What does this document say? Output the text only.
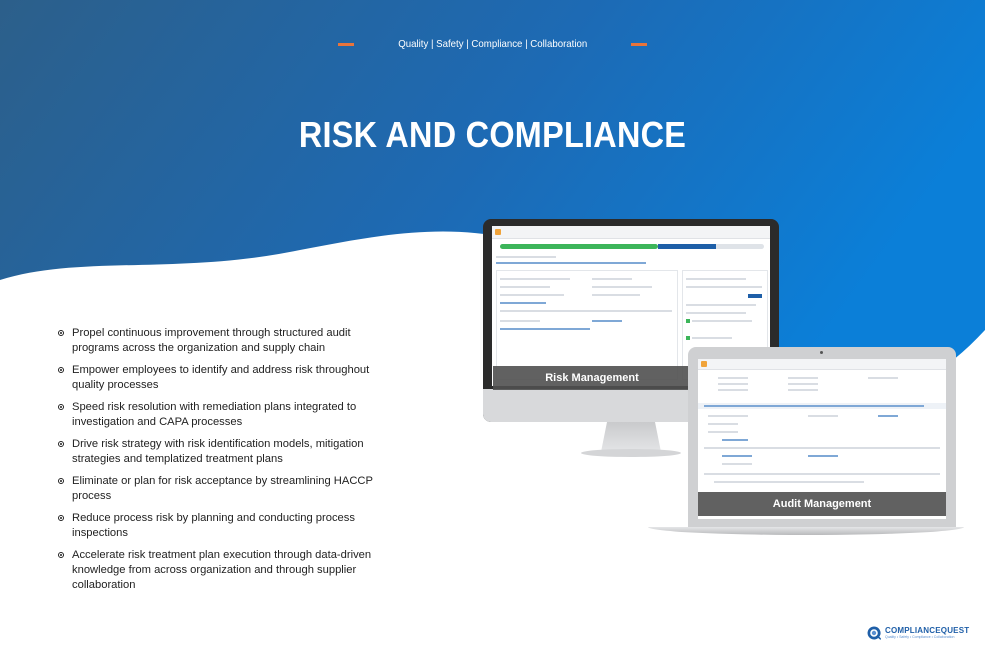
Quality | Safety | Compliance | Collaboration
RISK AND COMPLIANCE
Propel continuous improvement through structured audit programs across the organization and supply chain
Empower employees to identify and address risk throughout quality processes
Speed risk resolution with remediation plans integrated to investigation and CAPA processes
Drive risk strategy with risk identification models, mitigation strategies and templatized treatment plans
Eliminate or plan for risk acceptance by streamlining HACCP process
Reduce process risk by planning and conducting process inspections
Accelerate risk treatment plan execution through data-driven knowledge from across organization and through supplier collaboration
Risk Management
Audit Management
COMPLIANCEQUEST
Quality • Safety • Compliance • Collaboration
